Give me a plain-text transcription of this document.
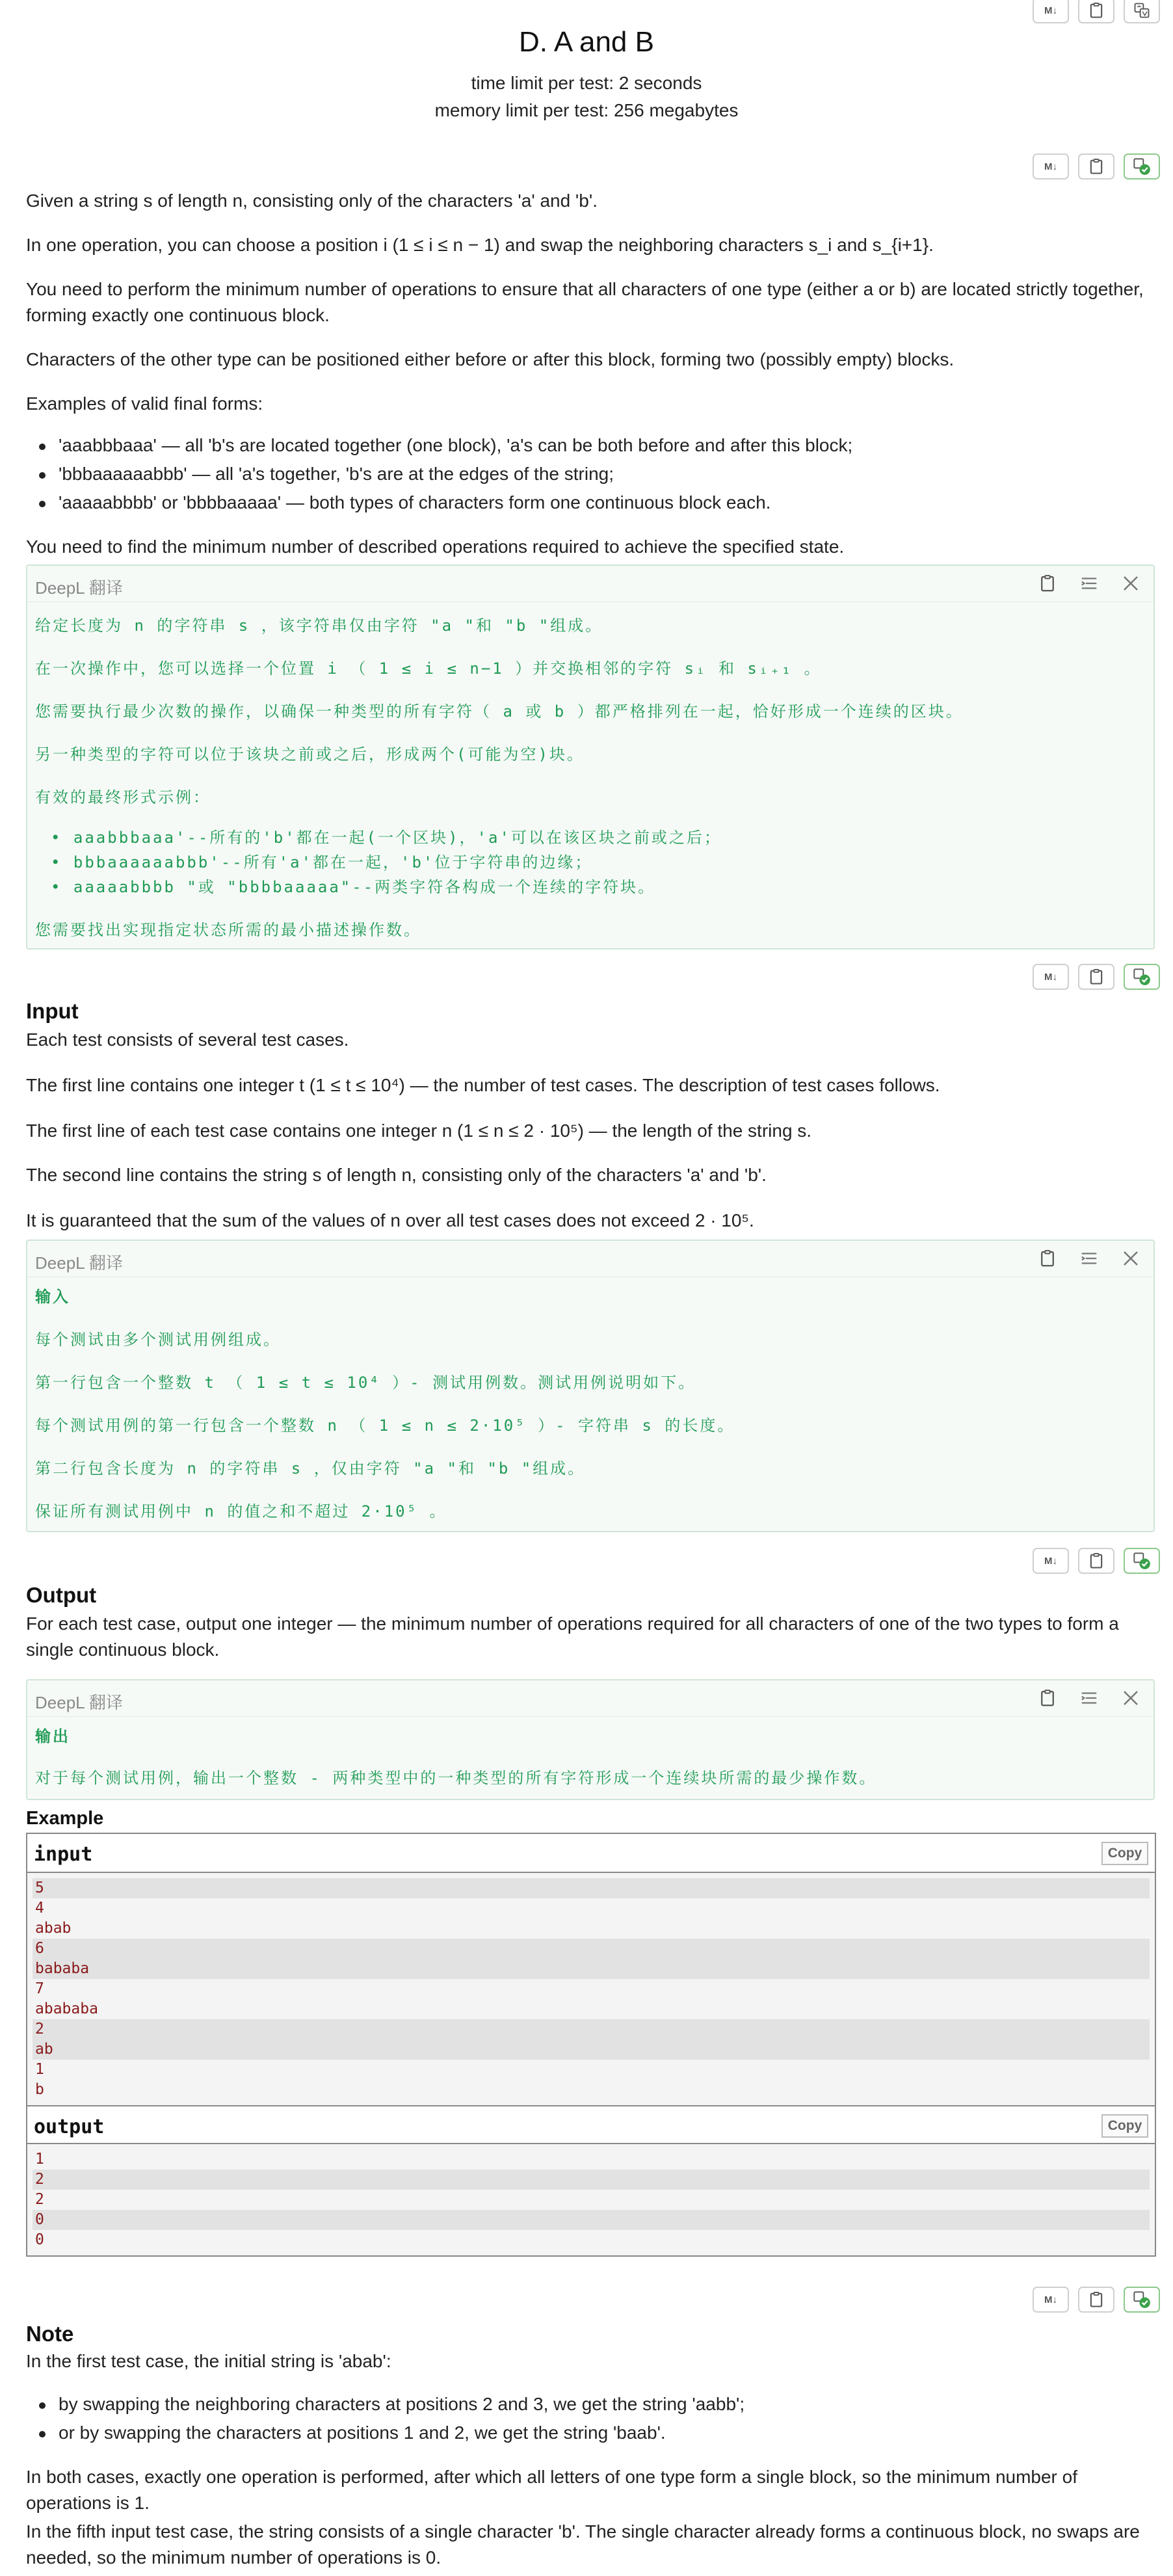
M↓
D. A and B
time limit per test: 2 seconds
memory limit per test: 256 megabytes
M↓
Given a string s of length n, consisting only of the characters 'a' and 'b'.
In one operation, you can choose a position i (1 ≤ i ≤ n − 1) and swap the neighboring characters s_i and s_{i+1}.
You need to perform the minimum number of operations to ensure that all characters of one type (either a or b) are located strictly together,
forming exactly one continuous block.
Characters of the other type can be positioned either before or after this block, forming two (possibly empty) blocks.
Examples of valid final forms:
'aaabbbaaa' — all 'b's are located together (one block), 'a's can be both before and after this block;
'bbbaaaaaabbb' — all 'a's together, 'b's are at the edges of the string;
'aaaaabbbb' or 'bbbbaaaaa' — both types of characters form one continuous block each.
You need to find the minimum number of described operations required to achieve the specified state.
DeepL 翻译
给定长度为 n 的字符串 s ，该字符串仅由字符 "a "和 "b "组成。
在一次操作中，您可以选择一个位置 i （ 1 ≤ i ≤ n−1 ）并交换相邻的字符 sᵢ 和 sᵢ₊₁ 。
您需要执行最少次数的操作，以确保一种类型的所有字符（ a 或 b ）都严格排列在一起，恰好形成一个连续的区块。
另一种类型的字符可以位于该块之前或之后，形成两个(可能为空)块。
有效的最终形式示例：
• aaabbbaaa'--所有的'b'都在一起(一个区块)，'a'可以在该区块之前或之后；
• bbbaaaaaabbb'--所有'a'都在一起，'b'位于字符串的边缘；
• aaaaabbbb "或 "bbbbaaaaa"--两类字符各构成一个连续的字符块。
您需要找出实现指定状态所需的最小描述操作数。
M↓
Input
Each test consists of several test cases.
The first line contains one integer t (1 ≤ t ≤ 10⁴) — the number of test cases. The description of test cases follows.
The first line of each test case contains one integer n (1 ≤ n ≤ 2 · 10⁵) — the length of the string s.
The second line contains the string s of length n, consisting only of the characters 'a' and 'b'.
It is guaranteed that the sum of the values of n over all test cases does not exceed 2 · 10⁵.
DeepL 翻译
输入
每个测试由多个测试用例组成。
第一行包含一个整数 t （ 1 ≤ t ≤ 10⁴ ）- 测试用例数。测试用例说明如下。
每个测试用例的第一行包含一个整数 n （ 1 ≤ n ≤ 2·10⁵ ）- 字符串 s 的长度。
第二行包含长度为 n 的字符串 s ，仅由字符 "a "和 "b "组成。
保证所有测试用例中 n 的值之和不超过 2·10⁵ 。
M↓
Output
For each test case, output one integer — the minimum number of operations required for all characters of one of the two types to form a
single continuous block.
DeepL 翻译
输出
对于每个测试用例，输出一个整数 - 两种类型中的一种类型的所有字符形成一个连续块所需的最少操作数。
Example
input	Copy
5
4
abab
6
bababa
7
abababa
2
ab
1
b
output	Copy
1
2
2
0
0
M↓
Note
In the first test case, the initial string is 'abab':
by swapping the neighboring characters at positions 2 and 3, we get the string 'aabb';
or by swapping the characters at positions 1 and 2, we get the string 'baab'.
In both cases, exactly one operation is performed, after which all letters of one type form a single block, so the minimum number of
operations is 1.
In the fifth input test case, the string consists of a single character 'b'. The single character already forms a continuous block, no swaps are
needed, so the minimum number of operations is 0.
